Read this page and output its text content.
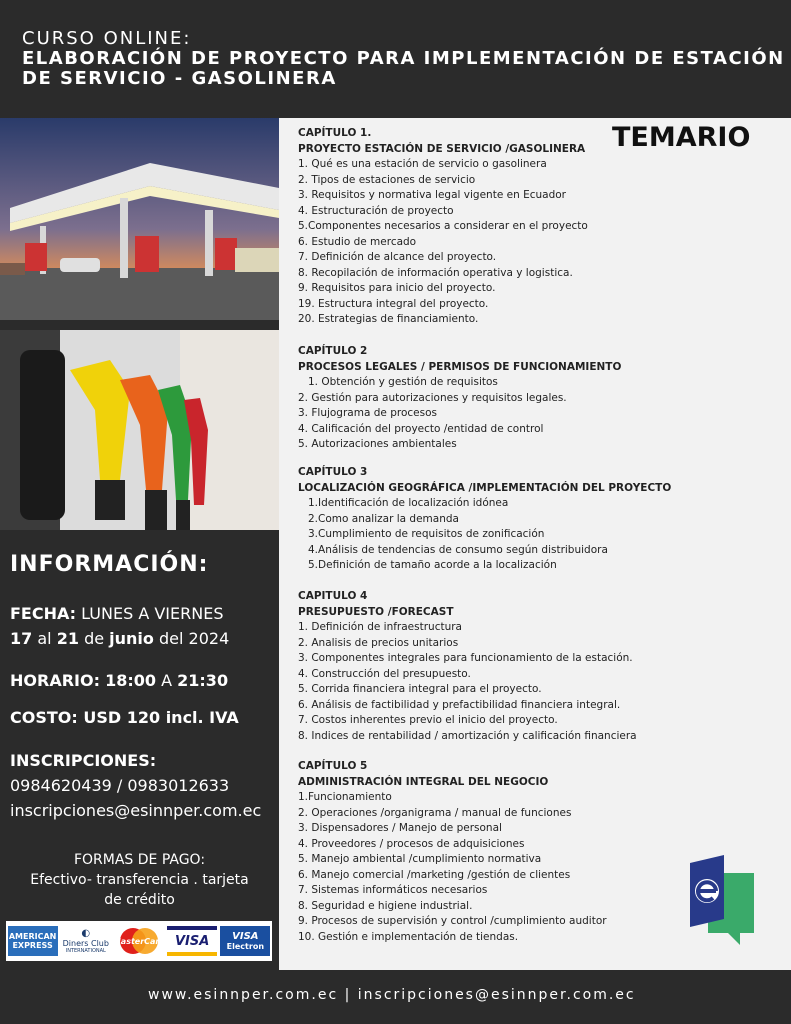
CURSO ONLINE:
ELABORACIÓN DE PROYECTO PARA IMPLEMENTACIÓN DE ESTACIÓN
DE SERVICIO - GASOLINERA
INFORMACIÓN:
FECHA: LUNES A VIERNES
17 al 21 de junio del 2024
HORARIO: 18:00 A 21:30
COSTO: USD 120 incl. IVA
INSCRIPCIONES:
0984620439 / 0983012633
inscripciones@esinnper.com.ec
FORMAS DE PAGO:
Efectivo- transferencia . tarjeta
de crédito
AMERICAN
EXPRESS
◐
Diners Club
INTERNATIONAL
MasterCard VISA VISA
Electron
TEMARIO
CAPÍTULO 1.
PROYECTO ESTACIÓN DE SERVICIO /GASOLINERA
1. Qué es una estación de servicio o gasolinera
2. Tipos de estaciones de servicio
3. Requisitos y normativa legal vigente en Ecuador
4. Estructuración de proyecto
5.Componentes necesarios a considerar en el proyecto
6. Estudio de mercado
7. Definición de alcance del proyecto.
8. Recopilación de información operativa y logistica.
9. Requisitos para inicio del proyecto.
19. Estructura integral del proyecto.
20. Estrategias de financiamiento.
CAPÍTULO 2
PROCESOS LEGALES / PERMISOS DE FUNCIONAMIENTO
1. Obtención y gestión de requisitos
2. Gestión para autorizaciones y requisitos legales.
3. Flujograma de procesos
4. Calificación del proyecto /entidad de control
5. Autorizaciones ambientales
CAPÍTULO 3
LOCALIZACIÓN GEOGRÁFICA /IMPLEMENTACIÓN DEL PROYECTO
1.Identificación de localización idónea
2.Como analizar la demanda
3.Cumplimiento de requisitos de zonificación
4.Análisis de tendencias de consumo según distribuidora
5.Definición de tamaño acorde a la localización
CAPITULO 4
PRESUPUESTO /FORECAST
1. Definición de infraestructura
2. Analisis de precios unitarios
3. Componentes integrales para funcionamiento de la estación.
4. Construcción del presupuesto.
5. Corrida financiera integral para el proyecto.
6. Análisis de factibilidad y prefactibilidad financiera integral.
7. Costos inherentes previo el inicio del proyecto.
8. Indices de rentabilidad / amortización y calificación financiera
CAPÍTULO 5
ADMINISTRACIÓN INTEGRAL DEL NEGOCIO
1.Funcionamiento
2. Operaciones /organigrama / manual de funciones
3. Dispensadores / Manejo de personal
4. Proveedores / procesos de adquisiciones
5. Manejo ambiental /cumplimiento normativa
6. Manejo comercial /marketing /gestión de clientes
7. Sistemas informáticos necesarios
8. Seguridad e higiene industrial.
9. Procesos de supervisión y control /cumplimiento auditor
10. Gestión e implementación de tiendas.
www.esinnper.com.ec | inscripciones@esinnper.com.ec
